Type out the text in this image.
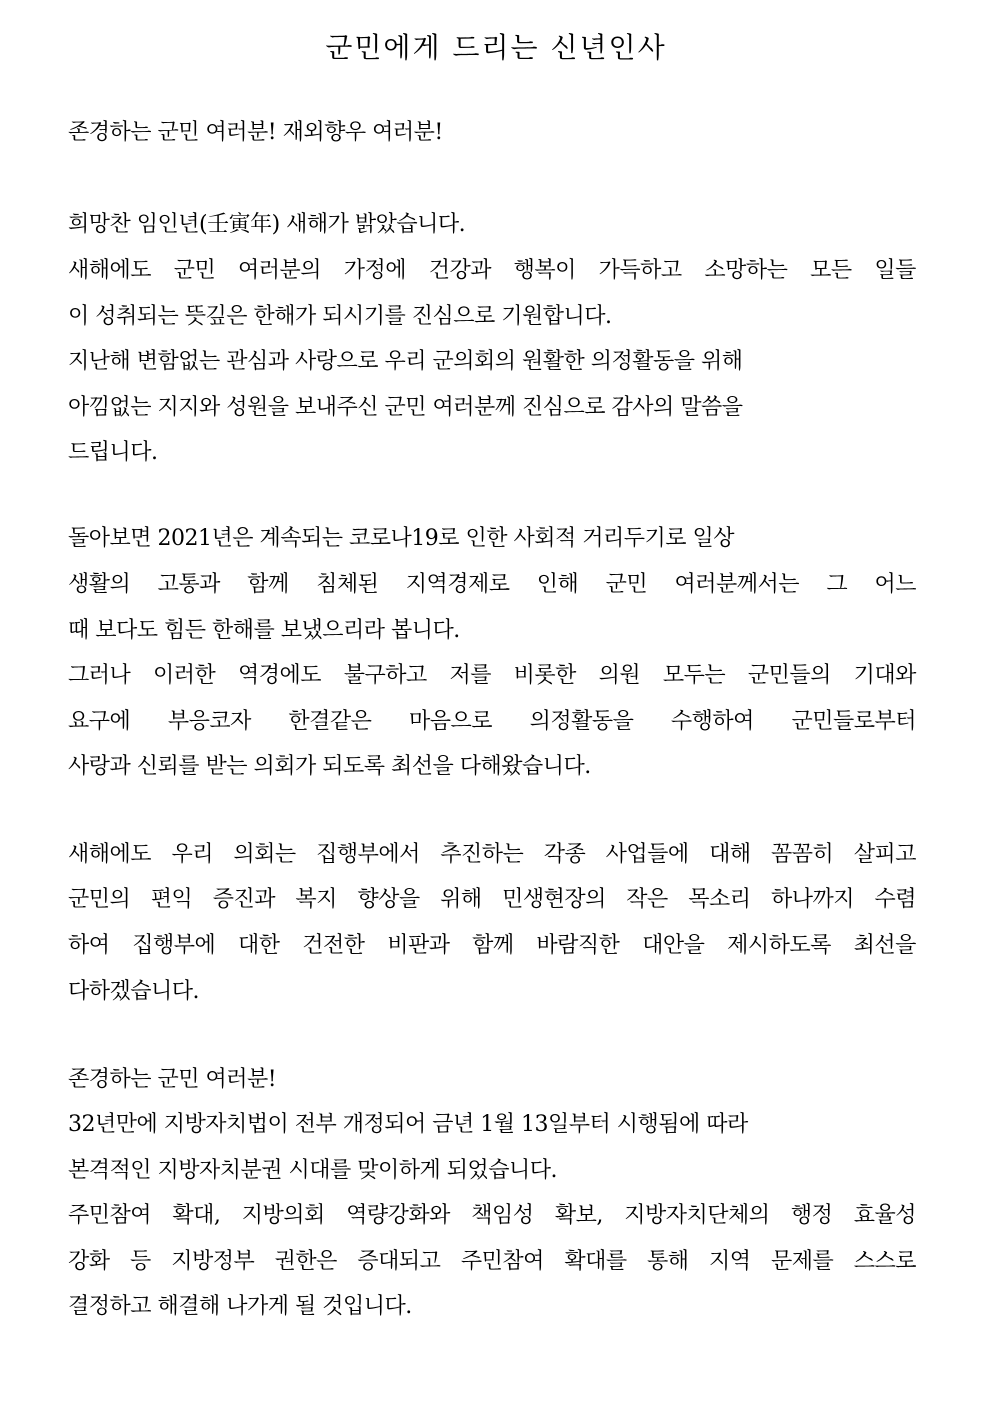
군민에게 드리는 신년인사
존경하는 군민 여러분! 재외향우 여러분!
희망찬 임인년(壬寅年) 새해가 밝았습니다.
새해에도 군민 여러분의 가정에 건강과 행복이 가득하고 소망하는 모든 일들
이 성취되는 뜻깊은 한해가 되시기를 진심으로 기원합니다.
지난해 변함없는 관심과 사랑으로 우리 군의회의 원활한 의정활동을 위해
아낌없는 지지와 성원을 보내주신 군민 여러분께 진심으로 감사의 말씀을
드립니다.
돌아보면 2021년은 계속되는 코로나19로 인한 사회적 거리두기로 일상
생활의 고통과 함께 침체된 지역경제로 인해 군민 여러분께서는 그 어느
때 보다도 힘든 한해를 보냈으리라 봅니다.
그러나 이러한 역경에도 불구하고 저를 비롯한 의원 모두는 군민들의 기대와
요구에 부응코자 한결같은 마음으로 의정활동을 수행하여 군민들로부터
사랑과 신뢰를 받는 의회가 되도록 최선을 다해왔습니다.
새해에도 우리 의회는 집행부에서 추진하는 각종 사업들에 대해 꼼꼼히 살피고
군민의 편익 증진과 복지 향상을 위해 민생현장의 작은 목소리 하나까지 수렴
하여 집행부에 대한 건전한 비판과 함께 바람직한 대안을 제시하도록 최선을
다하겠습니다.
존경하는 군민 여러분!
32년만에 지방자치법이 전부 개정되어 금년 1월 13일부터 시행됨에 따라
본격적인 지방자치분권 시대를 맞이하게 되었습니다.
주민참여 확대, 지방의회 역량강화와 책임성 확보, 지방자치단체의 행정 효율성
강화 등 지방정부 권한은 증대되고 주민참여 확대를 통해 지역 문제를 스스로
결정하고 해결해 나가게 될 것입니다.
